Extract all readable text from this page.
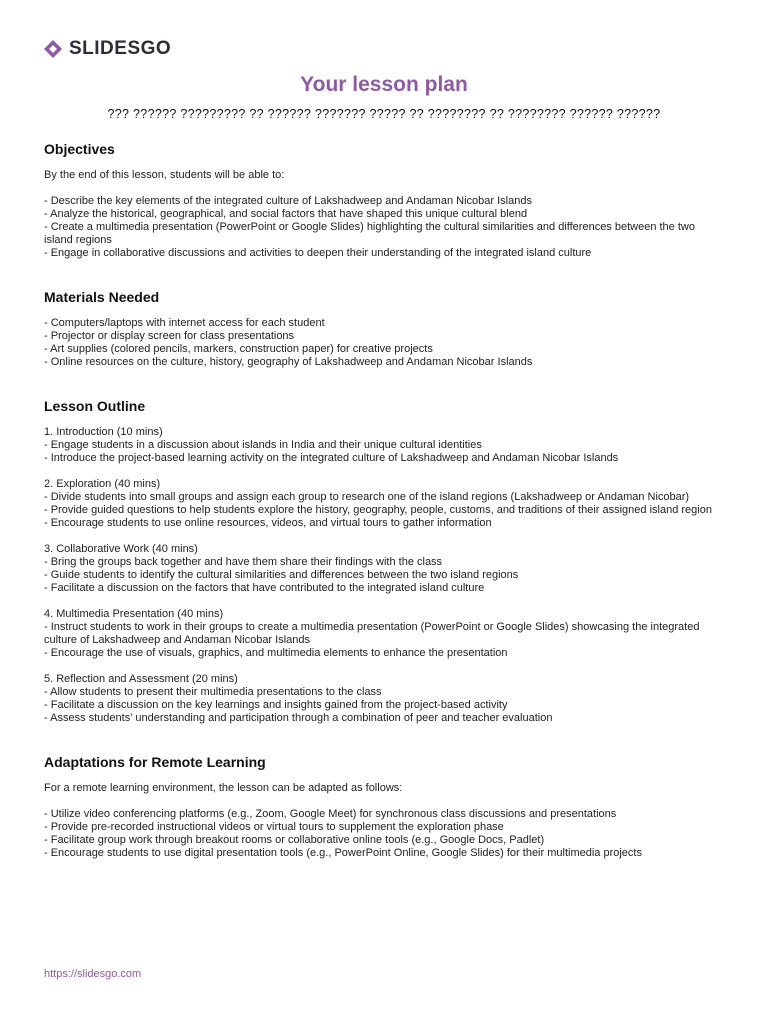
SLIDESGO
Your lesson plan
??? ?????? ????????? ?? ?????? ??????? ????? ?? ???????? ?? ???????? ?????? ??????
Objectives

By the end of this lesson, students will be able to:

- Describe the key elements of the integrated culture of Lakshadweep and Andaman Nicobar Islands

- Analyze the historical, geographical, and social factors that have shaped this unique cultural blend

- Create a multimedia presentation (PowerPoint or Google Slides) highlighting the cultural similarities and differences between the two island regions

- Engage in collaborative discussions and activities to deepen their understanding of the integrated island culture

Materials Needed

- Computers/laptops with internet access for each student

- Projector or display screen for class presentations

- Art supplies (colored pencils, markers, construction paper) for creative projects

- Online resources on the culture, history, geography of Lakshadweep and Andaman Nicobar Islands

Lesson Outline

1. Introduction (10 mins)

- Engage students in a discussion about islands in India and their unique cultural identities

- Introduce the project-based learning activity on the integrated culture of Lakshadweep and Andaman Nicobar Islands

2. Exploration (40 mins)

- Divide students into small groups and assign each group to research one of the island regions (Lakshadweep or Andaman Nicobar)

- Provide guided questions to help students explore the history, geography, people, customs, and traditions of their assigned island region

- Encourage students to use online resources, videos, and virtual tours to gather information

3. Collaborative Work (40 mins)

- Bring the groups back together and have them share their findings with the class

- Guide students to identify the cultural similarities and differences between the two island regions

- Facilitate a discussion on the factors that have contributed to the integrated island culture

4. Multimedia Presentation (40 mins)

- Instruct students to work in their groups to create a multimedia presentation (PowerPoint or Google Slides) showcasing the integrated culture of Lakshadweep and Andaman Nicobar Islands

- Encourage the use of visuals, graphics, and multimedia elements to enhance the presentation

5. Reflection and Assessment (20 mins)

- Allow students to present their multimedia presentations to the class

- Facilitate a discussion on the key learnings and insights gained from the project-based activity

- Assess students' understanding and participation through a combination of peer and teacher evaluation

Adaptations for Remote Learning

For a remote learning environment, the lesson can be adapted as follows:

- Utilize video conferencing platforms (e.g., Zoom, Google Meet) for synchronous class discussions and presentations

- Provide pre-recorded instructional videos or virtual tours to supplement the exploration phase

- Facilitate group work through breakout rooms or collaborative online tools (e.g., Google Docs, Padlet)

- Encourage students to use digital presentation tools (e.g., PowerPoint Online, Google Slides) for their multimedia projects

https://slidesgo.com
